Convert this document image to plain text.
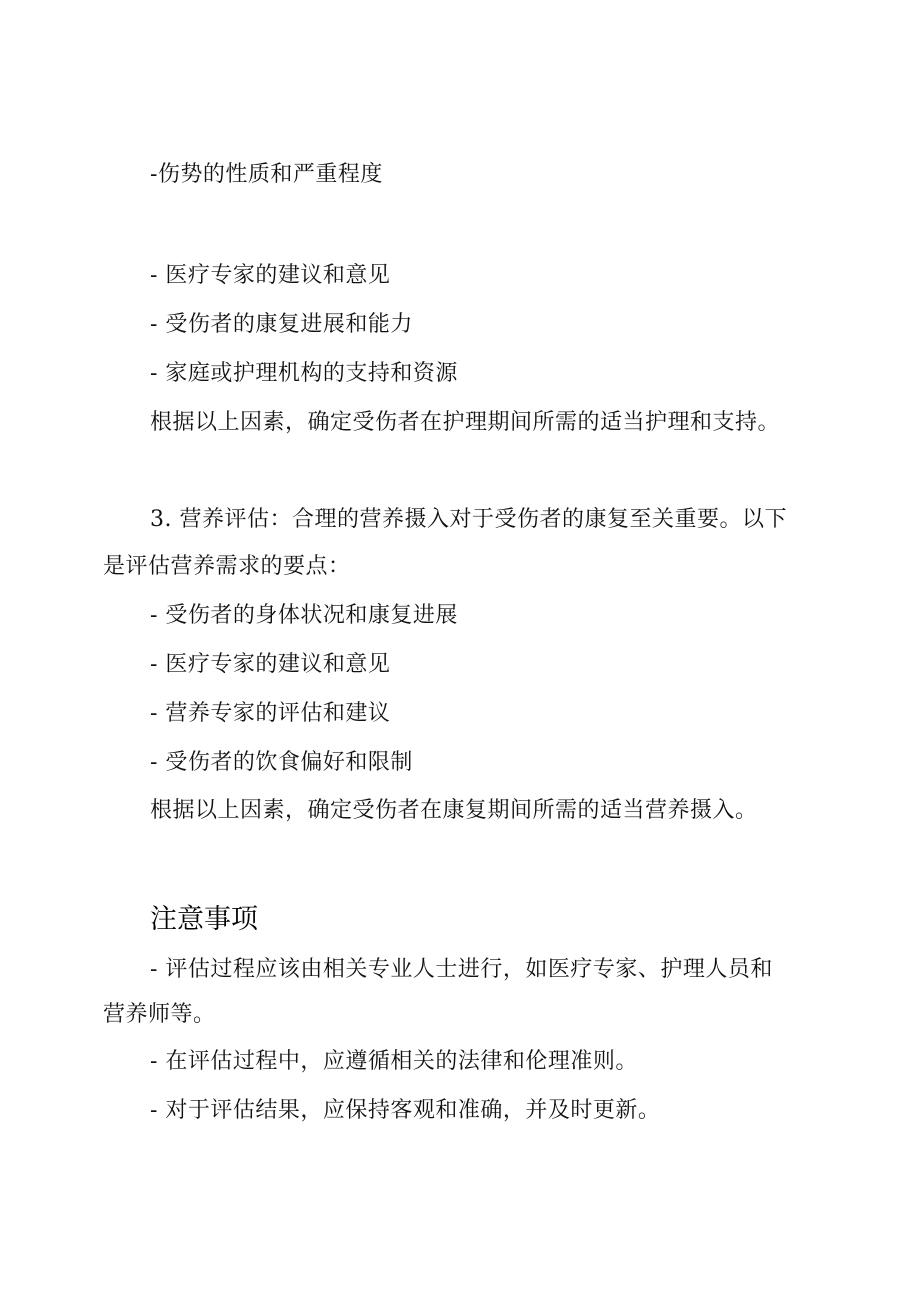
-伤势的性质和严重程度
- 医疗专家的建议和意见
- 受伤者的康复进展和能力
- 家庭或护理机构的支持和资源
根据以上因素，确定受伤者在护理期间所需的适当护理和支持。
3. 营养评估：合理的营养摄入对于受伤者的康复至关重要。以下
是评估营养需求的要点：
- 受伤者的身体状况和康复进展
- 医疗专家的建议和意见
- 营养专家的评估和建议
- 受伤者的饮食偏好和限制
根据以上因素，确定受伤者在康复期间所需的适当营养摄入。
注意事项
- 评估过程应该由相关专业人士进行，如医疗专家、护理人员和
营养师等。
- 在评估过程中，应遵循相关的法律和伦理准则。
- 对于评估结果，应保持客观和准确，并及时更新。
